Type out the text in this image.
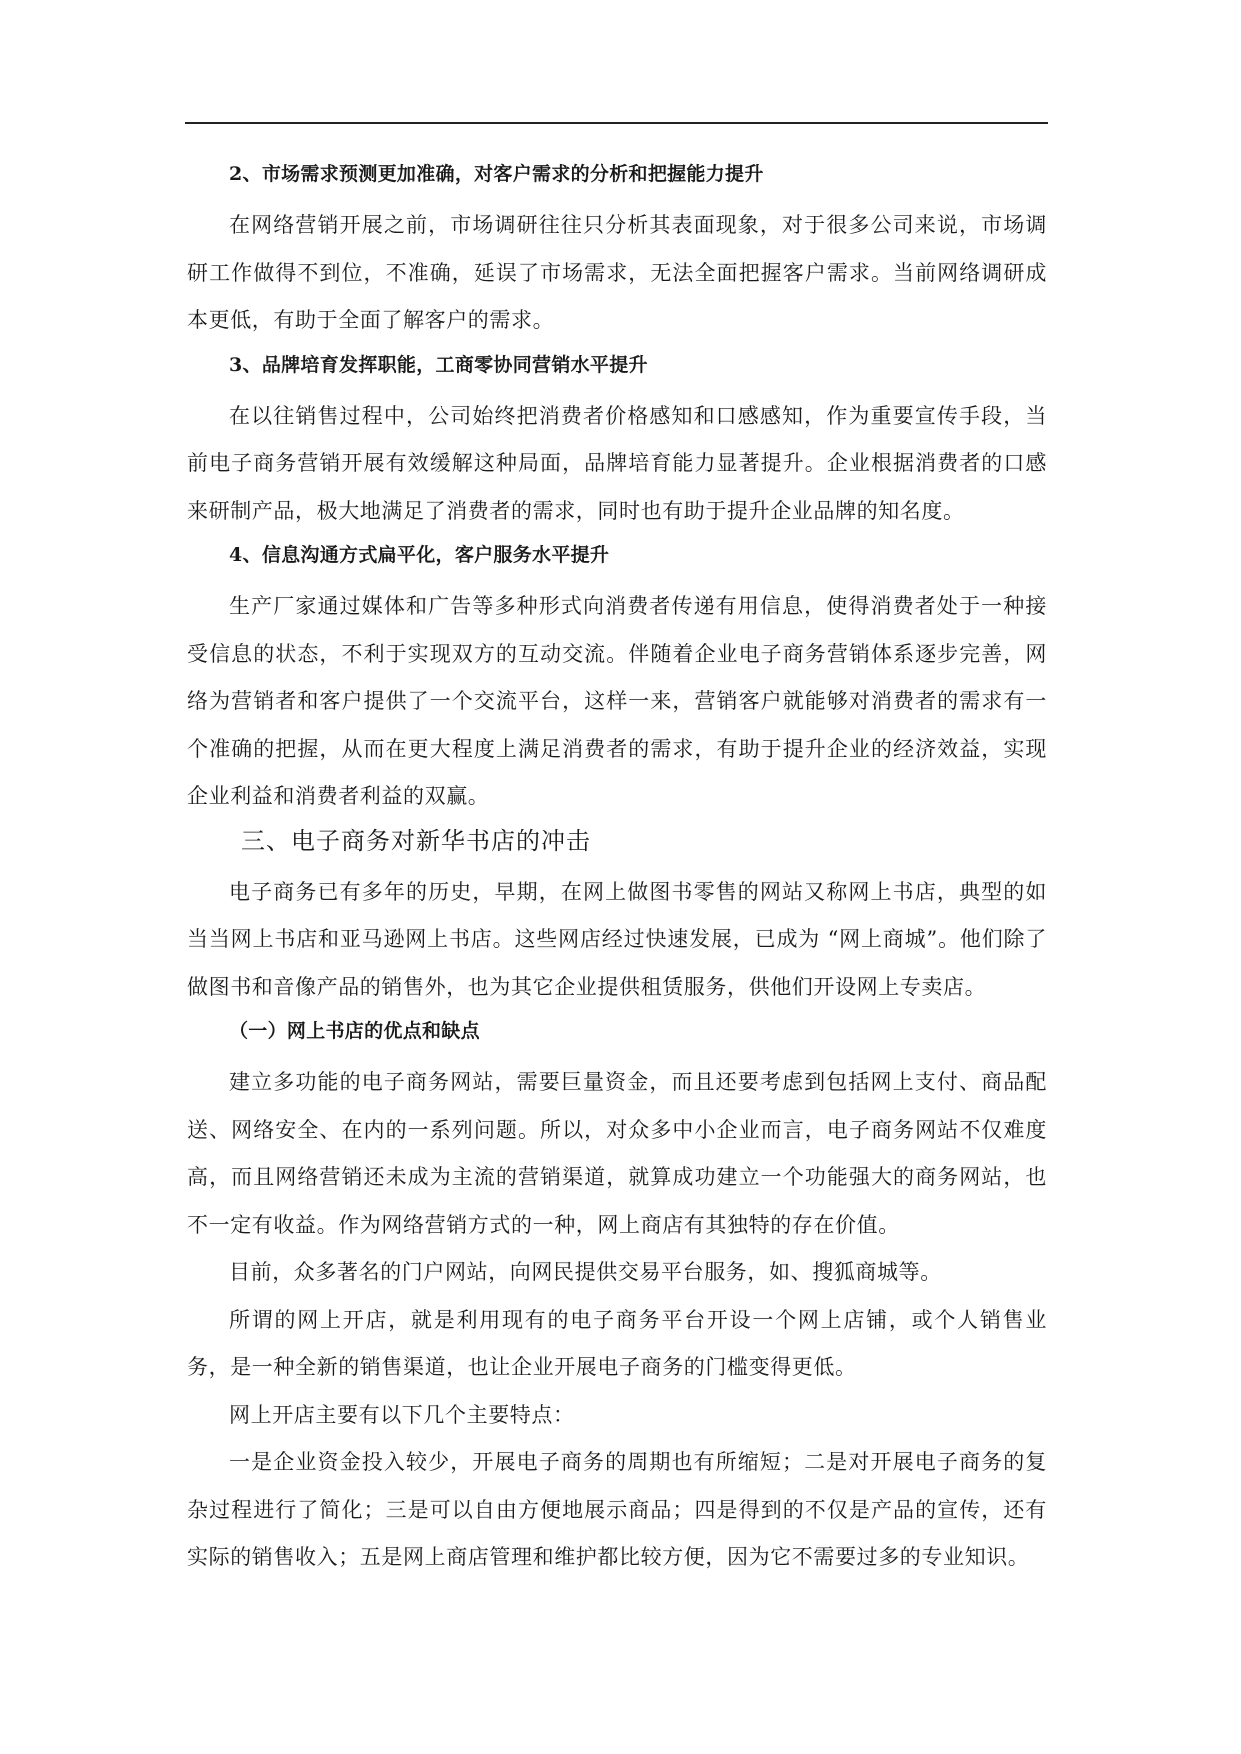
2、市场需求预测更加准确，对客户需求的分析和把握能力提升

在网络营销开展之前，市场调研往往只分析其表面现象，对于很多公司来说，市场调研工作做得不到位，不准确，延误了市场需求，无法全面把握客户需求。当前网络调研成本更低，有助于全面了解客户的需求。

3、品牌培育发挥职能，工商零协同营销水平提升

在以往销售过程中，公司始终把消费者价格感知和口感感知，作为重要宣传手段，当前电子商务营销开展有效缓解这种局面，品牌培育能力显著提升。企业根据消费者的口感来研制产品，极大地满足了消费者的需求，同时也有助于提升企业品牌的知名度。

4、信息沟通方式扁平化，客户服务水平提升

生产厂家通过媒体和广告等多种形式向消费者传递有用信息，使得消费者处于一种接受信息的状态，不利于实现双方的互动交流。伴随着企业电子商务营销体系逐步完善，网络为营销者和客户提供了一个交流平台，这样一来，营销客户就能够对消费者的需求有一个准确的把握，从而在更大程度上满足消费者的需求，有助于提升企业的经济效益，实现企业利益和消费者利益的双赢。

三、电子商务对新华书店的冲击

电子商务已有多年的历史，早期，在网上做图书零售的网站又称网上书店，典型的如当当网上书店和亚马逊网上书店。这些网店经过快速发展，已成为 “网上商城”。他们除了做图书和音像产品的销售外，也为其它企业提供租赁服务，供他们开设网上专卖店。

（一）网上书店的优点和缺点

建立多功能的电子商务网站，需要巨量资金，而且还要考虑到包括网上支付、商品配送、网络安全、在内的一系列问题。所以，对众多中小企业而言，电子商务网站不仅难度高，而且网络营销还未成为主流的营销渠道，就算成功建立一个功能强大的商务网站，也不一定有收益。作为网络营销方式的一种，网上商店有其独特的存在价值。

目前，众多著名的门户网站，向网民提供交易平台服务，如、搜狐商城等。

所谓的网上开店，就是利用现有的电子商务平台开设一个网上店铺，或个人销售业务，是一种全新的销售渠道，也让企业开展电子商务的门槛变得更低。

网上开店主要有以下几个主要特点：

一是企业资金投入较少，开展电子商务的周期也有所缩短；二是对开展电子商务的复杂过程进行了简化；三是可以自由方便地展示商品；四是得到的不仅是产品的宣传，还有实际的销售收入；五是网上商店管理和维护都比较方便，因为它不需要过多的专业知识。
